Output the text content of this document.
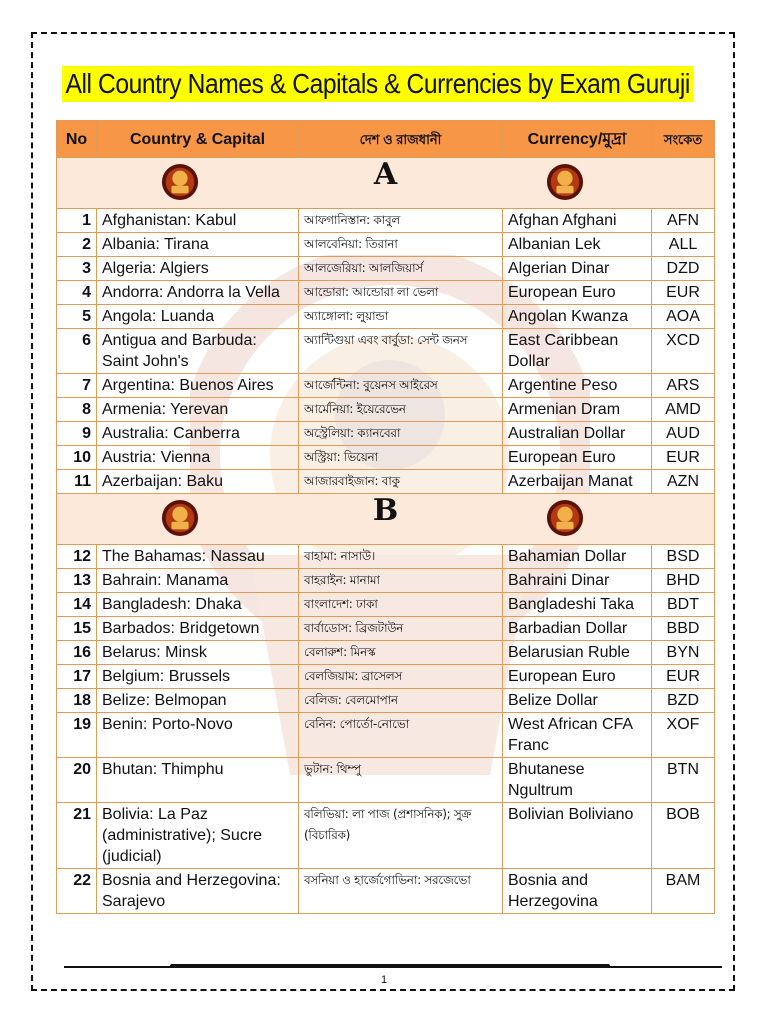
All Country Names & Capitals & Currencies by Exam Guruji
No	Country & Capital	দেশ ও রাজধানী	Currency/মুদ্রা	সংকেত

A				

1	Afghanistan: Kabul	আফগানিস্তান: কাবুল	Afghan Afghani	AFN
2	Albania: Tirana	আলবেনিয়া: তিরানা	Albanian Lek	ALL
3	Algeria: Algiers	আলজেরিয়া: আলজিয়ার্স	Algerian Dinar	DZD
4	Andorra: Andorra la Vella	আন্ডোরা: আন্ডোরা লা ভেলা	European Euro	EUR
5	Angola: Luanda	অ্যাঙ্গোলা: লুয়ান্ডা	Angolan Kwanza	AOA
6	Antigua and Barbuda: Saint John's	অ্যান্টিগুয়া এবং বার্বুডা: সেন্ট জনস	East Caribbean Dollar	XCD
7	Argentina: Buenos Aires	আর্জেন্টিনা: বুয়েনস আইরেস	Argentine Peso	ARS
8	Armenia: Yerevan	আর্মেনিয়া: ইয়েরেভেন	Armenian Dram	AMD
9	Australia: Canberra	অস্ট্রেলিয়া: ক্যানবেরা	Australian Dollar	AUD
10	Austria: Vienna	অস্ট্রিয়া: ভিয়েনা	European Euro	EUR
11	Azerbaijan: Baku	আজারবাইজান: বাকু	Azerbaijan Manat	AZN

B				

12	The Bahamas: Nassau	বাহামা: নাসাউ।	Bahamian Dollar	BSD
13	Bahrain: Manama	বাহরাইন: মানামা	Bahraini Dinar	BHD
14	Bangladesh: Dhaka	বাংলাদেশ: ঢাকা	Bangladeshi Taka	BDT
15	Barbados: Bridgetown	বার্বাডোস: ব্রিজটাউন	Barbadian Dollar	BBD
16	Belarus: Minsk	বেলারুশ: মিনস্ক	Belarusian Ruble	BYN
17	Belgium: Brussels	বেলজিয়াম: ব্রাসেলস	European Euro	EUR
18	Belize: Belmopan	বেলিজ: বেলমোপান	Belize Dollar	BZD
19	Benin: Porto-Novo	বেনিন: পোর্তো-নোভো	West African CFA Franc	XOF
20	Bhutan: Thimphu	ভুটান: থিম্পু	Bhutanese Ngultrum	BTN
21	Bolivia: La Paz (administrative); Sucre (judicial)	বলিভিয়া: লা পাজ (প্রশাসনিক); সুক্র (বিচারিক)	Bolivian Boliviano	BOB
22	Bosnia and Herzegovina: Sarajevo	বসনিয়া ও হার্জেগোভিনা: সরজেভো	Bosnia and Herzegovina	BAM
1
